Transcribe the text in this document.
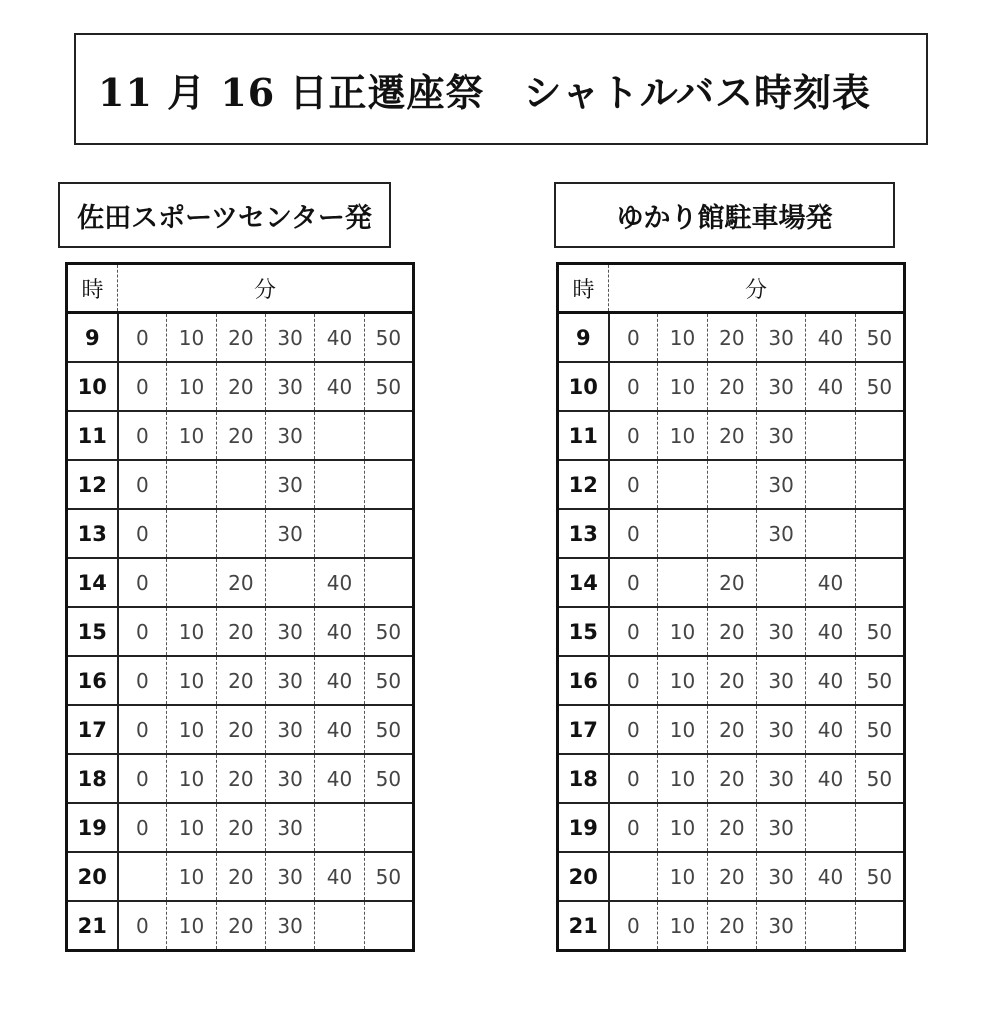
11 月 16 日正遷座祭　シャトルバス時刻表
佐田スポーツセンター発	ゆかり館駐車場発
時	分					
9	0	10	20	30	40	50
10	0	10	20	30	40	50
11	0	10	20	30		
12	0			30		
13	0			30		
14	0		20		40	
15	0	10	20	30	40	50
16	0	10	20	30	40	50
17	0	10	20	30	40	50
18	0	10	20	30	40	50
19	0	10	20	30		
20		10	20	30	40	50
21	0	10	20	30		
時	分					
9	0	10	20	30	40	50
10	0	10	20	30	40	50
11	0	10	20	30		
12	0			30		
13	0			30		
14	0		20		40	
15	0	10	20	30	40	50
16	0	10	20	30	40	50
17	0	10	20	30	40	50
18	0	10	20	30	40	50
19	0	10	20	30		
20		10	20	30	40	50
21	0	10	20	30		
